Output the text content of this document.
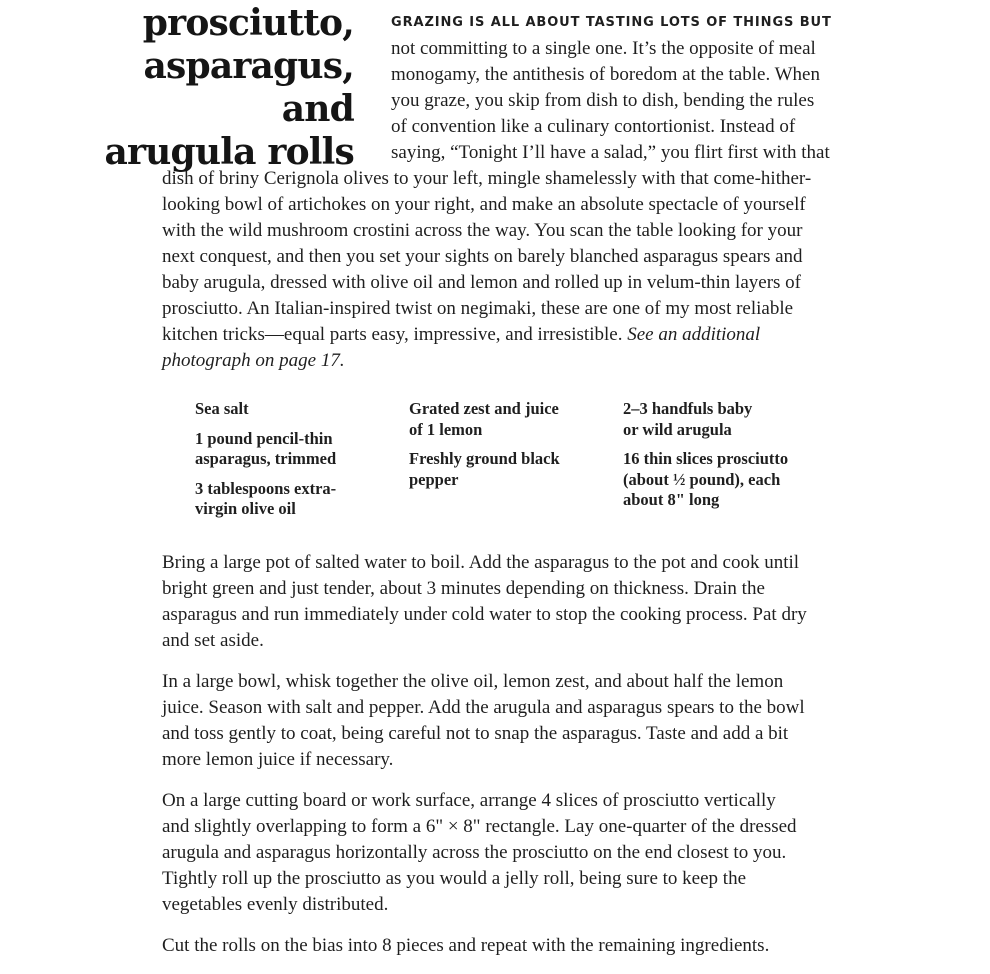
prosciutto,
asparagus, and
arugula rolls
GRAZING IS ALL ABOUT TASTING LOTS OF THINGS BUT
not committing to a single one. It’s the opposite of meal
monogamy, the antithesis of boredom at the table. When
you graze, you skip from dish to dish, bending the rules
of convention like a culinary contortionist. Instead of
saying, “Tonight I’ll have a salad,” you flirt first with that
dish of briny Cerignola olives to your left, mingle shamelessly with that come-hither-
looking bowl of artichokes on your right, and make an absolute spectacle of yourself
with the wild mushroom crostini across the way. You scan the table looking for your
next conquest, and then you set your sights on barely blanched asparagus spears and
baby arugula, dressed with olive oil and lemon and rolled up in velum-thin layers of
prosciutto. An Italian-inspired twist on negimaki, these are one of my most reliable
kitchen tricks—equal parts easy, impressive, and irresistible. See an additional
photograph on page 17.
Sea salt
1 pound pencil-thin
asparagus, trimmed
3 tablespoons extra-
virgin olive oil
Grated zest and juice
of 1 lemon
Freshly ground black
pepper
2–3 handfuls baby
or wild arugula
16 thin slices prosciutto
(about ½ pound), each
about 8" long

Bring a large pot of salted water to boil. Add the asparagus to the pot and cook until
bright green and just tender, about 3 minutes depending on thickness. Drain the
asparagus and run immediately under cold water to stop the cooking process. Pat dry
and set aside.

In a large bowl, whisk together the olive oil, lemon zest, and about half the lemon
juice. Season with salt and pepper. Add the arugula and asparagus spears to the bowl
and toss gently to coat, being careful not to snap the asparagus. Taste and add a bit
more lemon juice if necessary.

On a large cutting board or work surface, arrange 4 slices of prosciutto vertically
and slightly overlapping to form a 6" × 8" rectangle. Lay one-quarter of the dressed
arugula and asparagus horizontally across the prosciutto on the end closest to you.
Tightly roll up the prosciutto as you would a jelly roll, being sure to keep the
vegetables evenly distributed.

Cut the rolls on the bias into 8 pieces and repeat with the remaining ingredients.
